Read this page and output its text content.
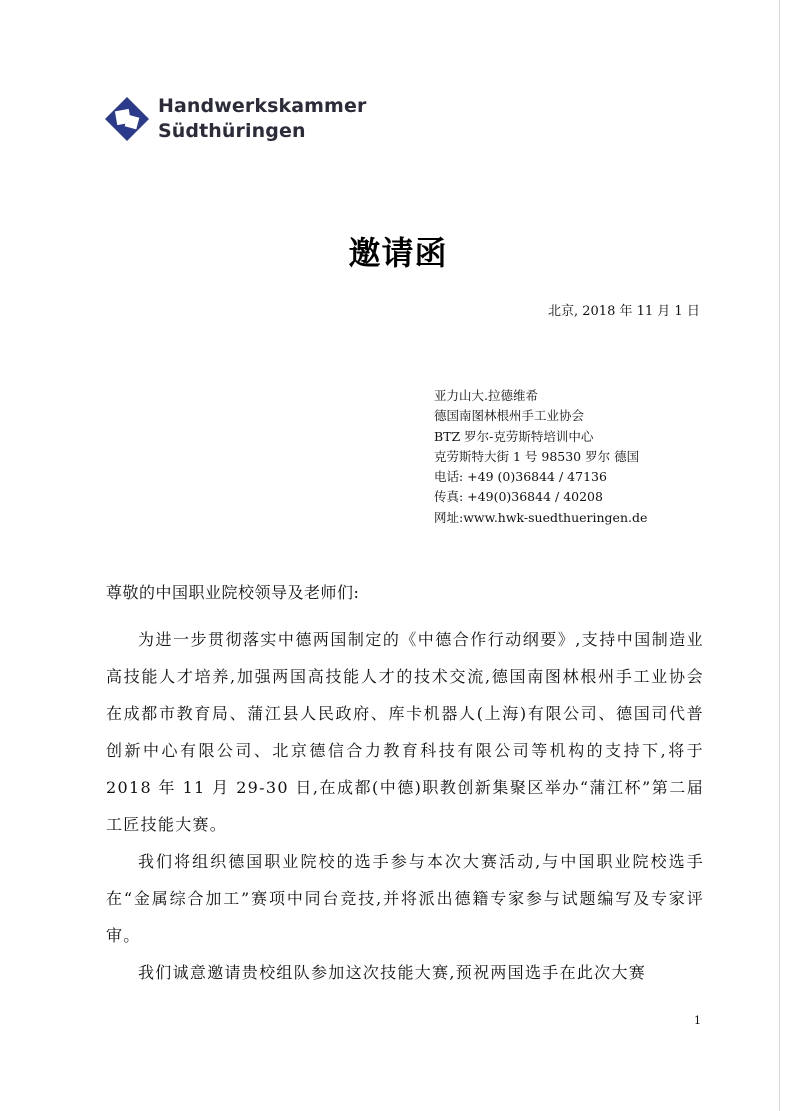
Handwerkskammer
Südthüringen
邀请函
北京, 2018 年 11 月 1 日
亚力山大.拉德维希
德国南图林根州手工业协会
BTZ 罗尔-克劳斯特培训中心
克劳斯特大街 1 号 98530 罗尔 德国
电话: +49 (0)36844 / 47136
传真: +49(0)36844 / 40208
网址:www.hwk-suedthueringen.de
尊敬的中国职业院校领导及老师们:

为进一步贯彻落实中德两国制定的《中德合作行动纲要》,支持中国制造业高技能人才培养,加强两国高技能人才的技术交流,德国南图林根州手工业协会在成都市教育局、蒲江县人民政府、库卡机器人(上海)有限公司、德国司代普创新中心有限公司、北京德信合力教育科技有限公司等机构的支持下,将于 2018 年 11 月 29-30 日,在成都(中德)职教创新集聚区举办“蒲江杯”第二届工匠技能大赛。

我们将组织德国职业院校的选手参与本次大赛活动,与中国职业院校选手在“金属综合加工”赛项中同台竞技,并将派出德籍专家参与试题编写及专家评审。

我们诚意邀请贵校组队参加这次技能大赛,预祝两国选手在此次大赛

1
